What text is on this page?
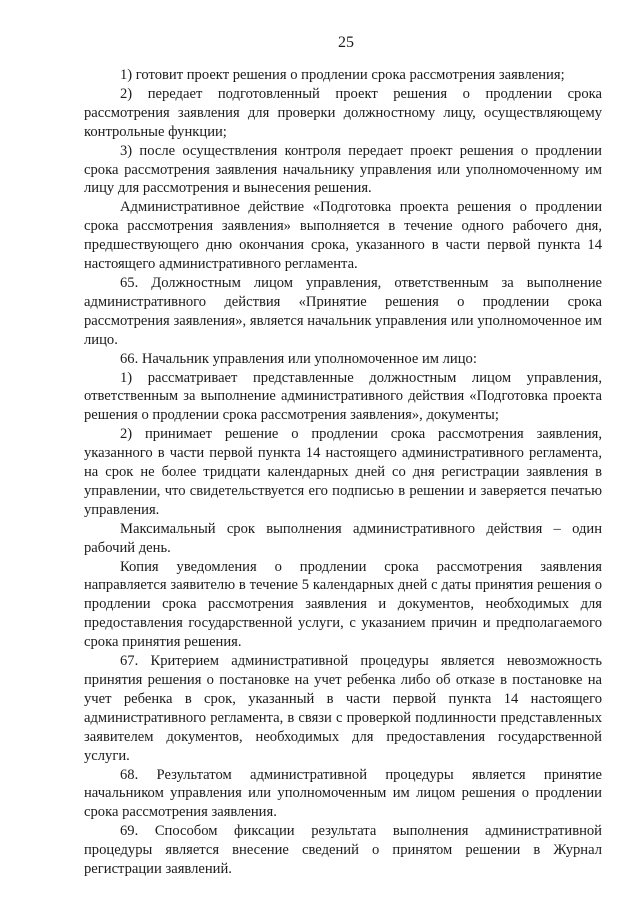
25

1) готовит проект решения о продлении срока рассмотрения заявления;

2) передает подготовленный проект решения о продлении срока рассмотрения заявления для проверки должностному лицу, осуществляющему контрольные функции;

3) после осуществления контроля передает проект решения о продлении срока рассмотрения заявления начальнику управления или уполномоченному им лицу для рассмотрения и вынесения решения.

Административное действие «Подготовка проекта решения о продлении срока рассмотрения заявления» выполняется в течение одного рабочего дня, предшествующего дню окончания срока, указанного в части первой пункта 14 настоящего административного регламента.

65. Должностным лицом управления, ответственным за выполнение административного действия «Принятие решения о продлении срока рассмотрения заявления», является начальник управления или уполномоченное им лицо.

66. Начальник управления или уполномоченное им лицо:

1) рассматривает представленные должностным лицом управления, ответственным за выполнение административного действия «Подготовка проекта решения о продлении срока рассмотрения заявления», документы;

2) принимает решение о продлении срока рассмотрения заявления, указанного в части первой пункта 14 настоящего административного регламента, на срок не более тридцати календарных дней со дня регистрации заявления в управлении, что свидетельствуется его подписью в решении и заверяется печатью управления.

Максимальный срок выполнения административного действия – один рабочий день.

Копия уведомления о продлении срока рассмотрения заявления направляется заявителю в течение 5 календарных дней с даты принятия решения о продлении срока рассмотрения заявления и документов, необходимых для предоставления государственной услуги, с указанием причин и предполагаемого срока принятия решения.

67. Критерием административной процедуры является невозможность принятия решения о постановке на учет ребенка либо об отказе в постановке на учет ребенка в срок, указанный в части первой пункта 14 настоящего административного регламента, в связи с проверкой подлинности представленных заявителем документов, необходимых для предоставления государственной услуги.

68. Результатом административной процедуры является принятие начальником управления или уполномоченным им лицом решения о продлении срока рассмотрения заявления.

69. Способом фиксации результата выполнения административной процедуры является внесение сведений о принятом решении в Журнал регистрации заявлений.
